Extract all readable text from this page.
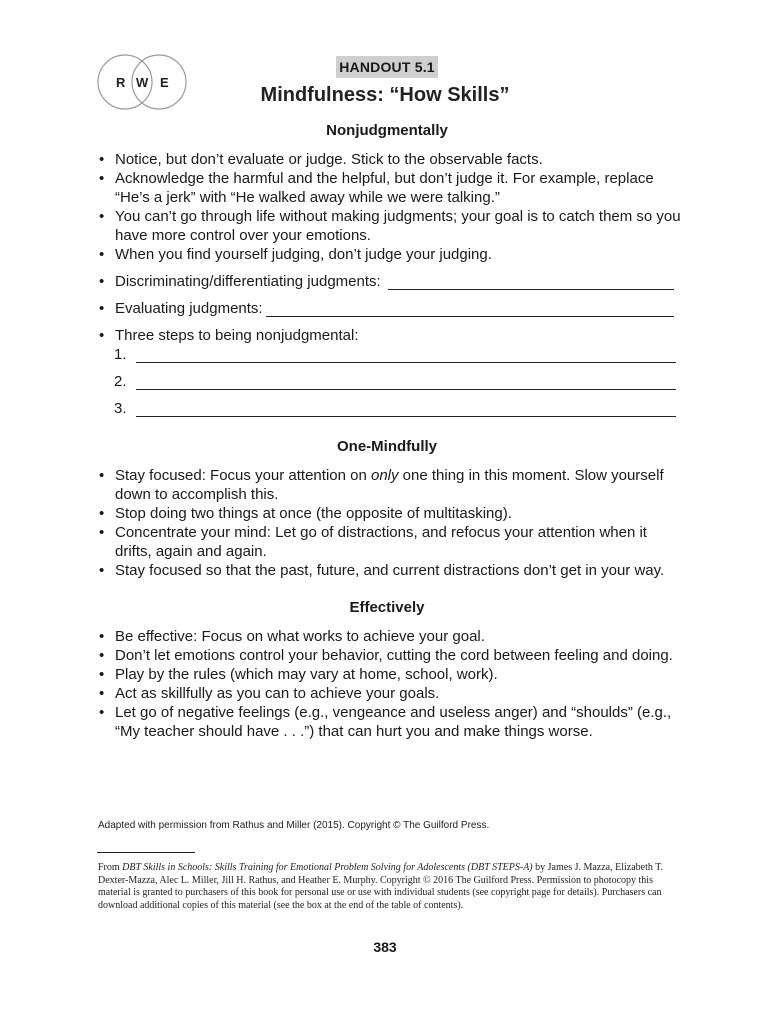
R W E
HANDOUT 5.1
Mindfulness: “How Skills”
Nonjudgmentally
• Notice, but don’t evaluate or judge. Stick to the observable facts.
• Acknowledge the harmful and the helpful, but don’t judge it. For example, replace “He’s a jerk” with “He walked away while we were talking.”
• You can’t go through life without making judgments; your goal is to catch them so you have more control over your emotions.
• When you find yourself judging, don’t judge your judging.
• Discriminating/differentiating judgments:
• Evaluating judgments:
• Three steps to being nonjudgmental:
1.
2.
3.
One-Mindfully
• Stay focused: Focus your attention on only one thing in this moment. Slow yourself down to accomplish this.
• Stop doing two things at once (the opposite of multitasking).
• Concentrate your mind: Let go of distractions, and refocus your attention when it drifts, again and again.
• Stay focused so that the past, future, and current distractions don’t get in your way.
Effectively
• Be effective: Focus on what works to achieve your goal.
• Don’t let emotions control your behavior, cutting the cord between feeling and doing.
• Play by the rules (which may vary at home, school, work).
• Act as skillfully as you can to achieve your goals.
• Let go of negative feelings (e.g., vengeance and useless anger) and “shoulds” (e.g., “My teacher should have . . .”) that can hurt you and make things worse.
Adapted with permission from Rathus and Miller (2015). Copyright © The Guilford Press.
From DBT Skills in Schools: Skills Training for Emotional Problem Solving for Adolescents (DBT STEPS-A) by James J. Mazza, Elizabeth T. Dexter-Mazza, Alec L. Miller, Jill H. Rathus, and Heather E. Murphy. Copyright © 2016 The Guilford Press. Permission to photocopy this material is granted to purchasers of this book for personal use or use with individual students (see copyright page for details). Purchasers can download additional copies of this material (see the box at the end of the table of contents).
383
